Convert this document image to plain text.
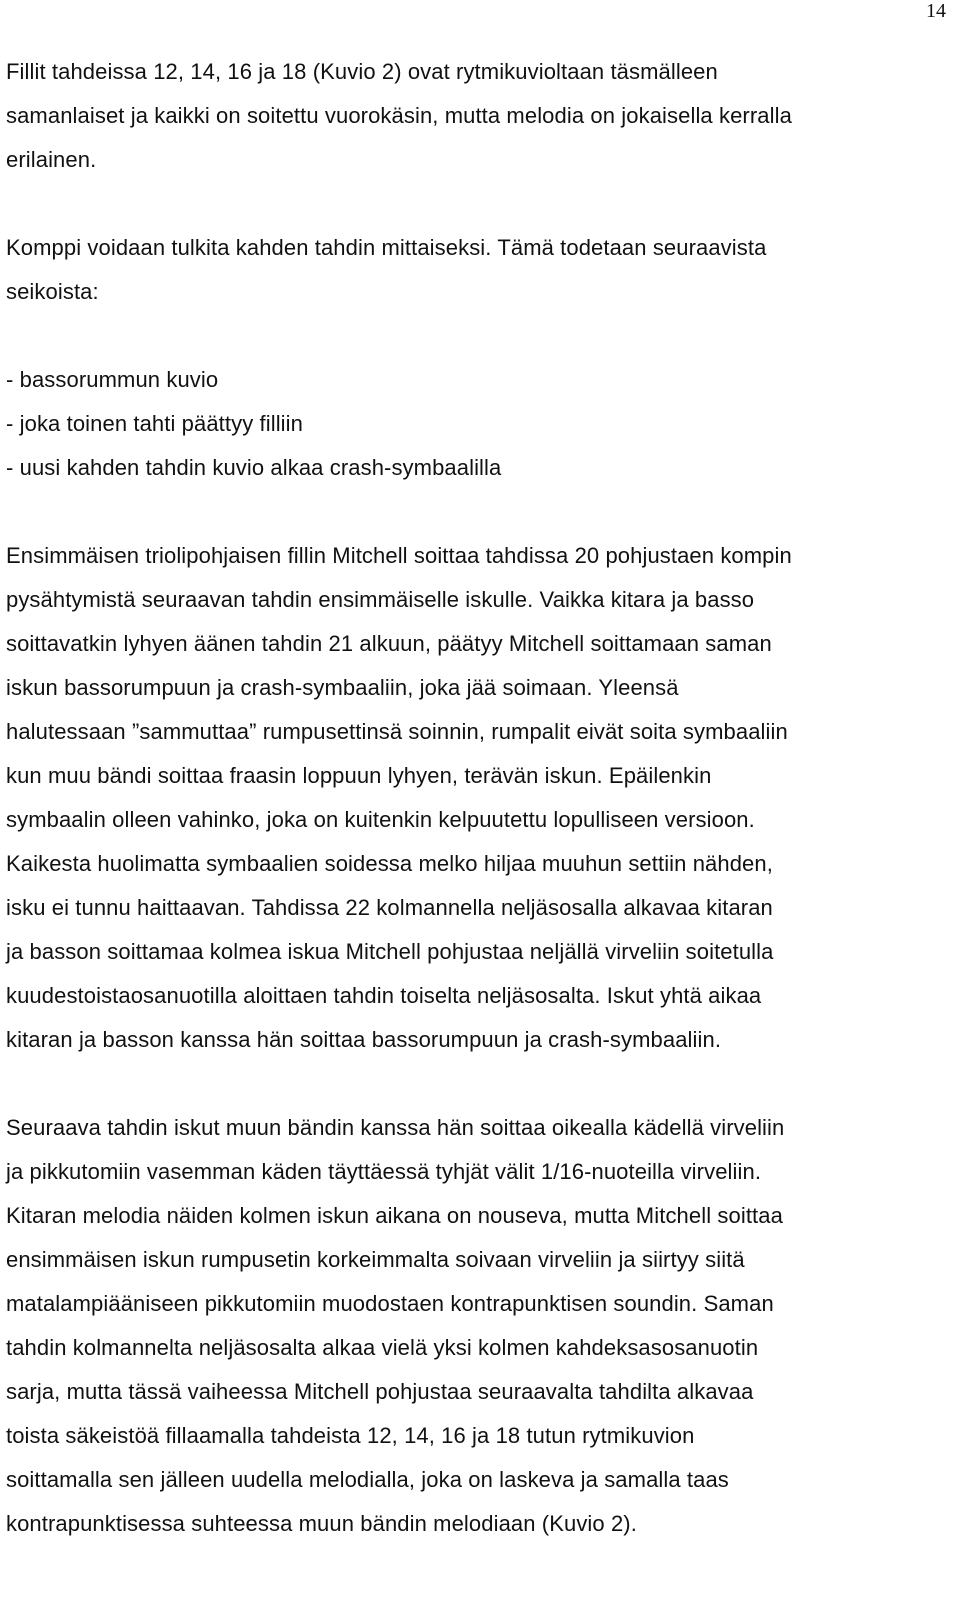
14
Fillit tahdeissa 12, 14, 16 ja 18 (Kuvio 2) ovat rytmikuvioltaan täsmälleen
samanlaiset ja kaikki on soitettu vuorokäsin, mutta melodia on jokaisella kerralla
erilainen.
Komppi voidaan tulkita kahden tahdin mittaiseksi. Tämä todetaan seuraavista
seikoista:
- bassorummun kuvio
- joka toinen tahti päättyy filliin
- uusi kahden tahdin kuvio alkaa crash-symbaalilla
Ensimmäisen triolipohjaisen fillin Mitchell soittaa tahdissa 20 pohjustaen kompin
pysähtymistä seuraavan tahdin ensimmäiselle iskulle. Vaikka kitara ja basso
soittavatkin lyhyen äänen tahdin 21 alkuun, päätyy Mitchell soittamaan saman
iskun bassorumpuun ja crash-symbaaliin, joka jää soimaan. Yleensä
halutessaan ”sammuttaa” rumpusettinsä soinnin, rumpalit eivät soita symbaaliin
kun muu bändi soittaa fraasin loppuun lyhyen, terävän iskun. Epäilenkin
symbaalin olleen vahinko, joka on kuitenkin kelpuutettu lopulliseen versioon.
Kaikesta huolimatta symbaalien soidessa melko hiljaa muuhun settiin nähden,
isku ei tunnu haittaavan. Tahdissa 22 kolmannella neljäsosalla alkavaa kitaran
ja basson soittamaa kolmea iskua Mitchell pohjustaa neljällä virveliin soitetulla
kuudestoistaosanuotilla aloittaen tahdin toiselta neljäsosalta. Iskut yhtä aikaa
kitaran ja basson kanssa hän soittaa bassorumpuun ja crash-symbaaliin.
Seuraava tahdin iskut muun bändin kanssa hän soittaa oikealla kädellä virveliin
ja pikkutomiin vasemman käden täyttäessä tyhjät välit 1/16-nuoteilla virveliin.
Kitaran melodia näiden kolmen iskun aikana on nouseva, mutta Mitchell soittaa
ensimmäisen iskun rumpusetin korkeimmalta soivaan virveliin ja siirtyy siitä
matalampiääniseen pikkutomiin muodostaen kontrapunktisen soundin. Saman
tahdin kolmannelta neljäsosalta alkaa vielä yksi kolmen kahdeksasosanuotin
sarja, mutta tässä vaiheessa Mitchell pohjustaa seuraavalta tahdilta alkavaa
toista säkeistöä fillaamalla tahdeista 12, 14, 16 ja 18 tutun rytmikuvion
soittamalla sen jälleen uudella melodialla, joka on laskeva ja samalla taas
kontrapunktisessa suhteessa muun bändin melodiaan (Kuvio 2).
